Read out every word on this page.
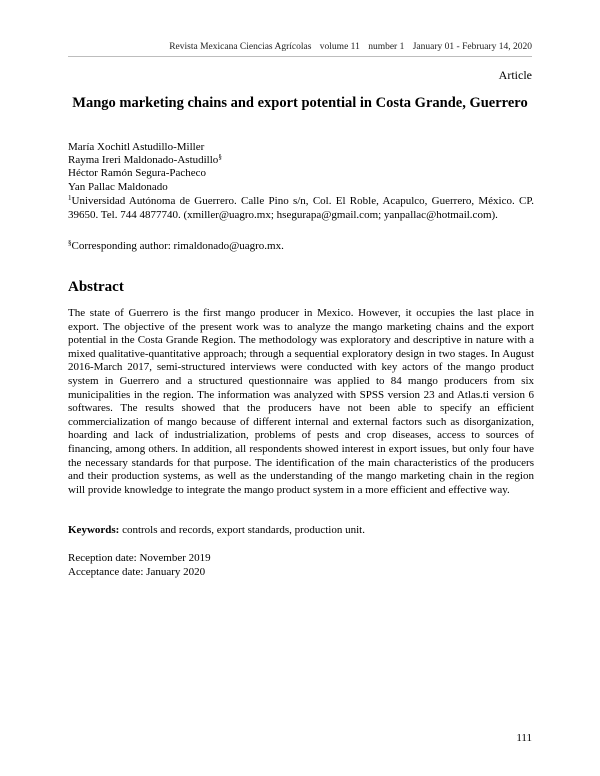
Revista Mexicana Ciencias Agrícolas volume 11 number 1 January 01 - February 14, 2020
Article
Mango marketing chains and export potential in Costa Grande, Guerrero
María Xochitl Astudillo-Miller
Rayma Ireri Maldonado-Astudillo§
Héctor Ramón Segura-Pacheco
Yan Pallac Maldonado
$^1$Universidad Autónoma de Guerrero. Calle Pino s/n, Col. El Roble, Acapulco, Guerrero, México. CP. 39650. Tel. 744 4877740. (xmiller@uagro.mx; hsegurapa@gmail.com; yanpallac@hotmail.com).
§Corresponding author: rimaldonado@uagro.mx.
Abstract

The state of Guerrero is the first mango producer in Mexico. However, it occupies the last place in export. The objective of the present work was to analyze the mango marketing chains and the export potential in the Costa Grande Region. The methodology was exploratory and descriptive in nature with a mixed qualitative-quantitative approach; through a sequential exploratory design in two stages. In August 2016-March 2017, semi-structured interviews were conducted with key actors of the mango product system in Guerrero and a structured questionnaire was applied to 84 mango producers from six municipalities in the region. The information was analyzed with SPSS version 23 and Atlas.ti version 6 softwares. The results showed that the producers have not been able to specify an efficient commercialization of mango because of different internal and external factors such as disorganization, hoarding and lack of industrialization, problems of pests and crop diseases, access to sources of financing, among others. In addition, all respondents showed interest in export issues, but only four have the necessary standards for that purpose. The identification of the main characteristics of the producers and their production systems, as well as the understanding of the mango marketing chain in the region will provide knowledge to integrate the mango product system in a more efficient and effective way.

Keywords: controls and records, export standards, production unit.
Reception date: November 2019
Acceptance date: January 2020
111
